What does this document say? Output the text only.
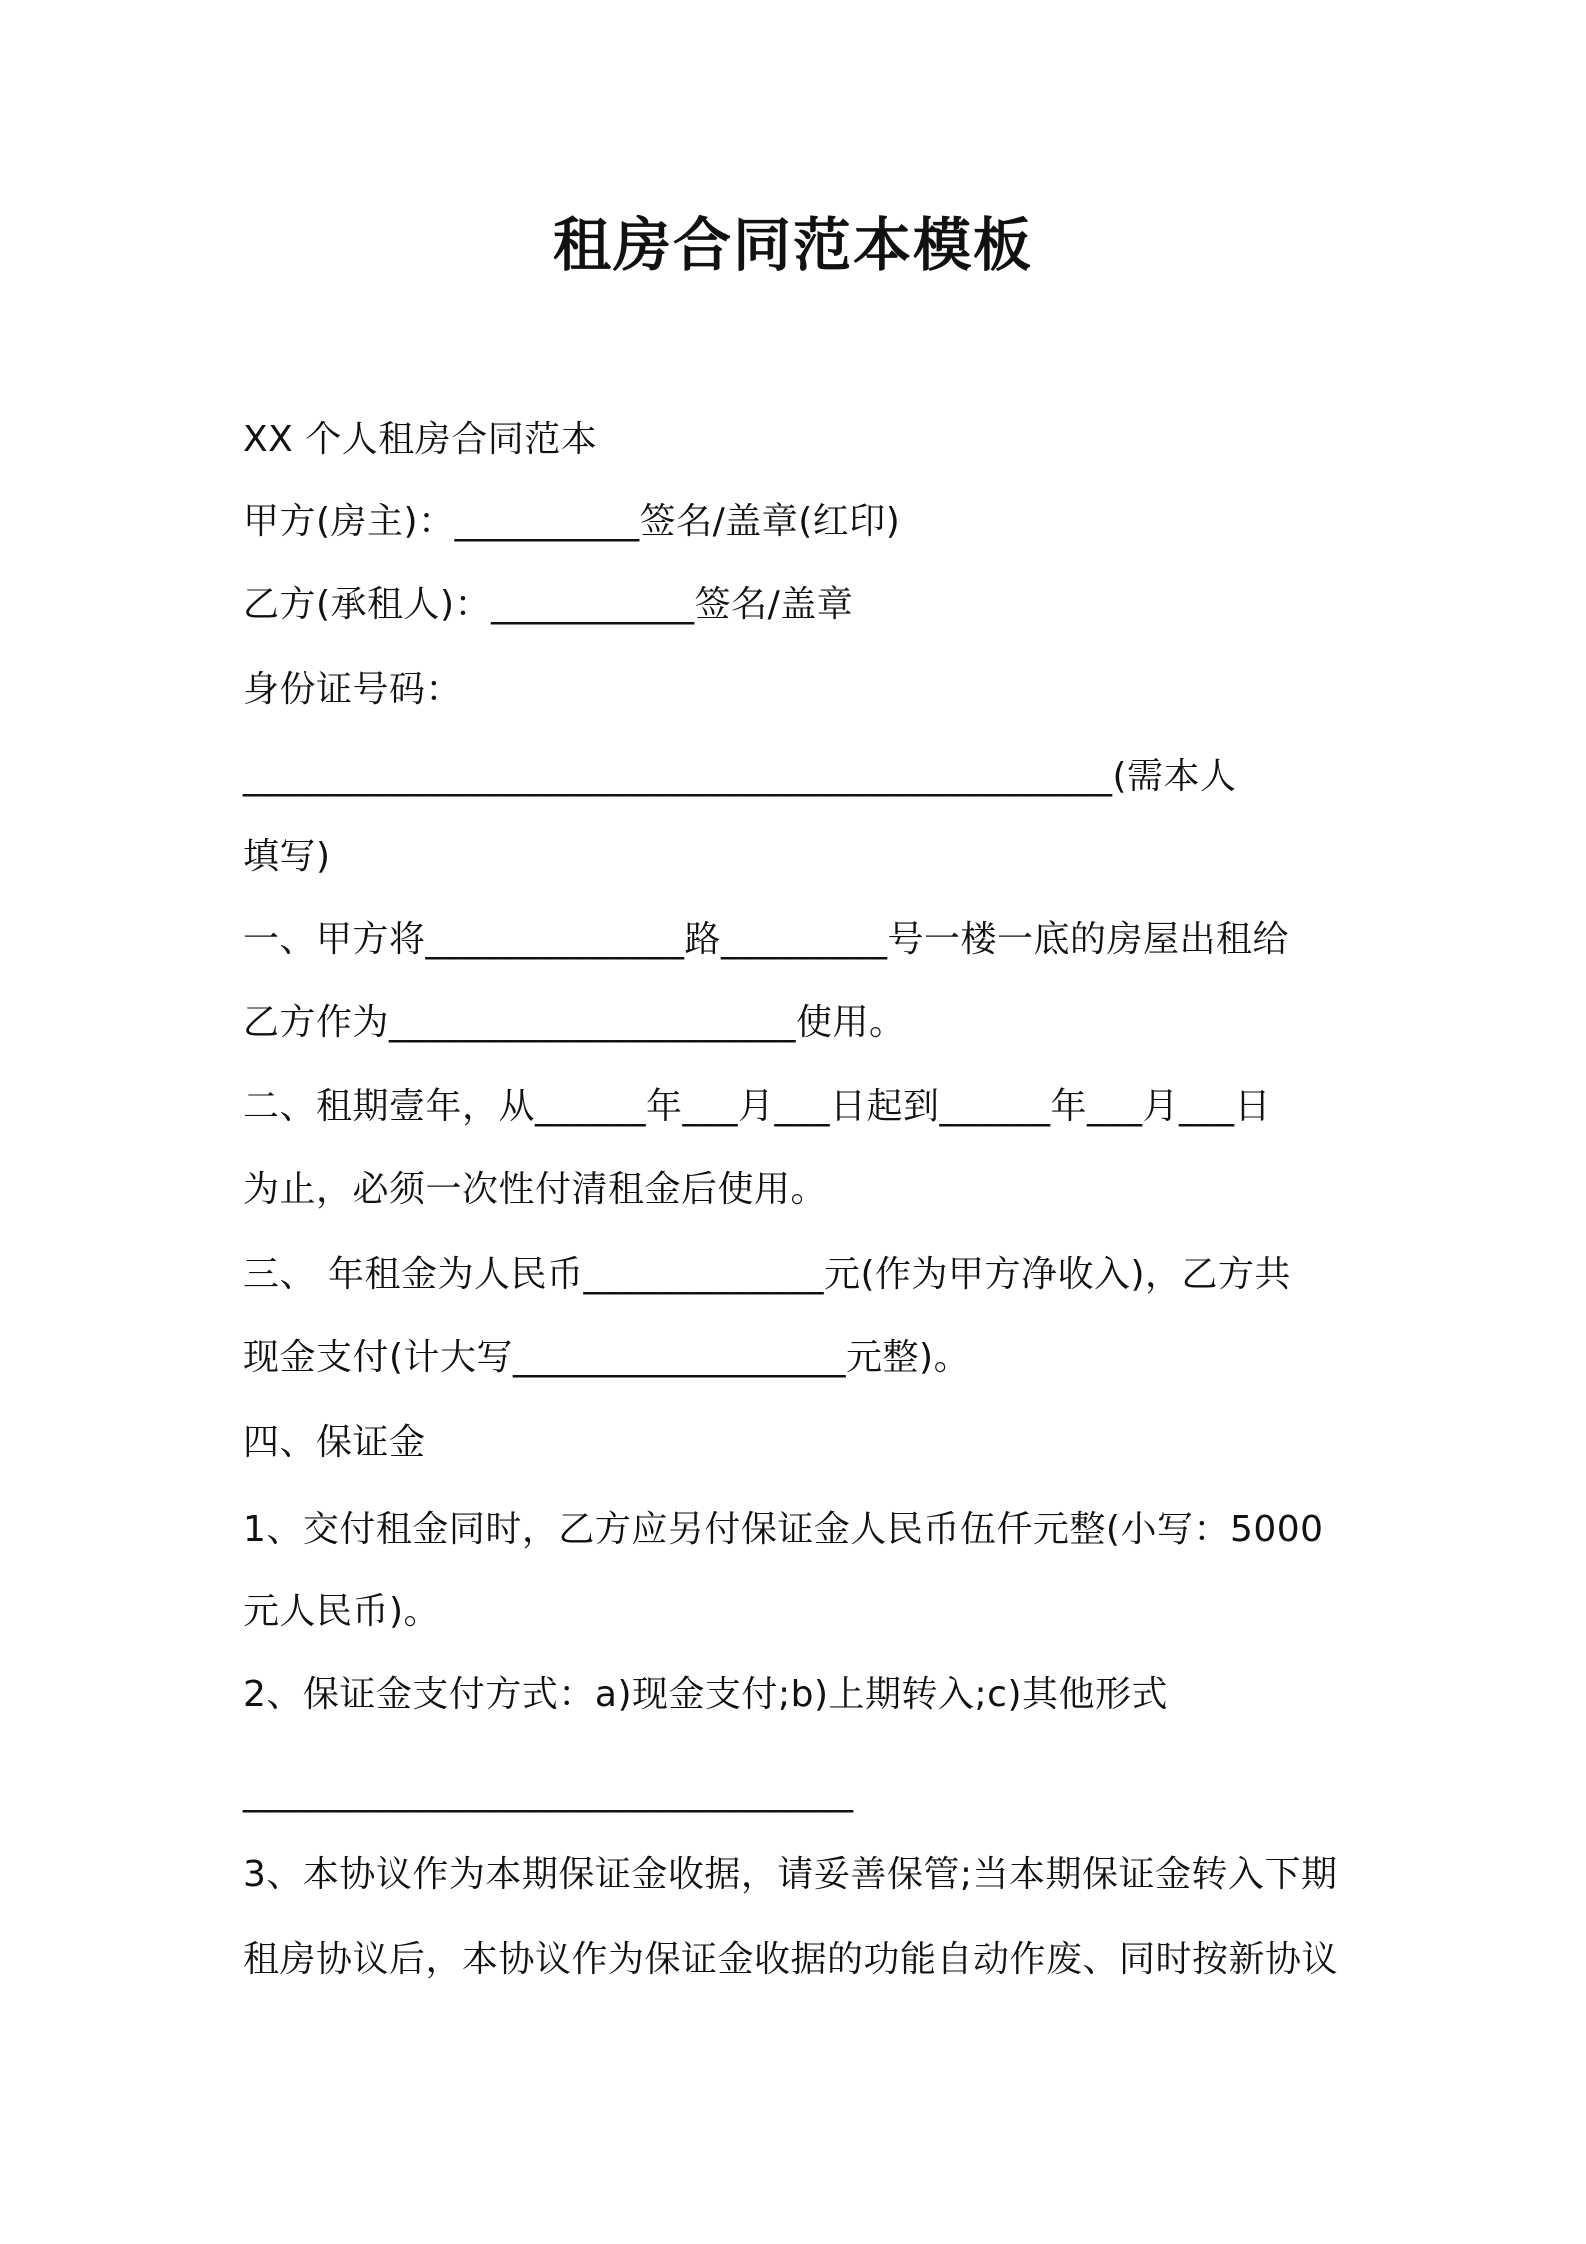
租房合同范本模板
XX 个人租房合同范本
甲方(房主)：__________签名/盖章(红印)
乙方(承租人)：___________签名/盖章
身份证号码：
_______________________________________________(需本人
填写)
一、甲方将______________路_________号一楼一底的房屋出租给
乙方作为______________________使用。
二、租期壹年，从______年___月___日起到______年___月___日
为止，必须一次性付清租金后使用。
三、 年租金为人民币_____________元(作为甲方净收入)，乙方共
现金支付(计大写__________________元整)。
四、保证金
1、交付租金同时，乙方应另付保证金人民币伍仟元整(小写：5000
元人民币)。
2、保证金支付方式：a)现金支付;b)上期转入;c)其他形式
_________________________________
3、本协议作为本期保证金收据，请妥善保管;当本期保证金转入下期
租房协议后，本协议作为保证金收据的功能自动作废、同时按新协议
